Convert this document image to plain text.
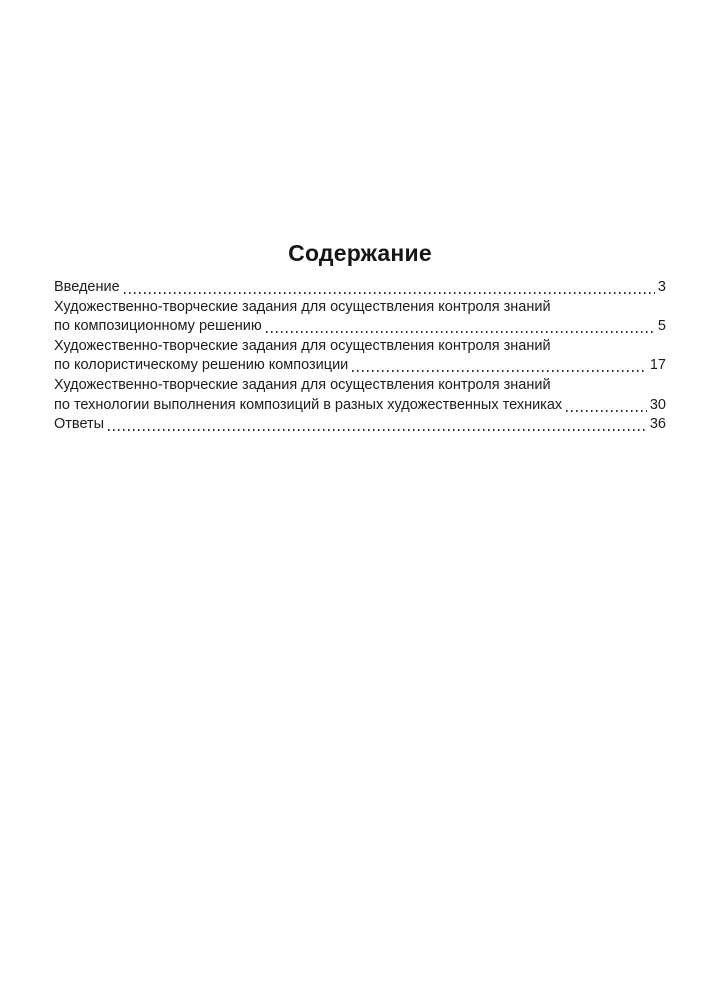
Содержание
Введение	3
Художественно-творческие задания для осуществления контроля знаний
по композиционному решению	5
Художественно-творческие задания для осуществления контроля знаний
по колористическому решению композиции	17
Художественно-творческие задания для осуществления контроля знаний
по технологии выполнения композиций в разных художественных техниках	30
Ответы	36
